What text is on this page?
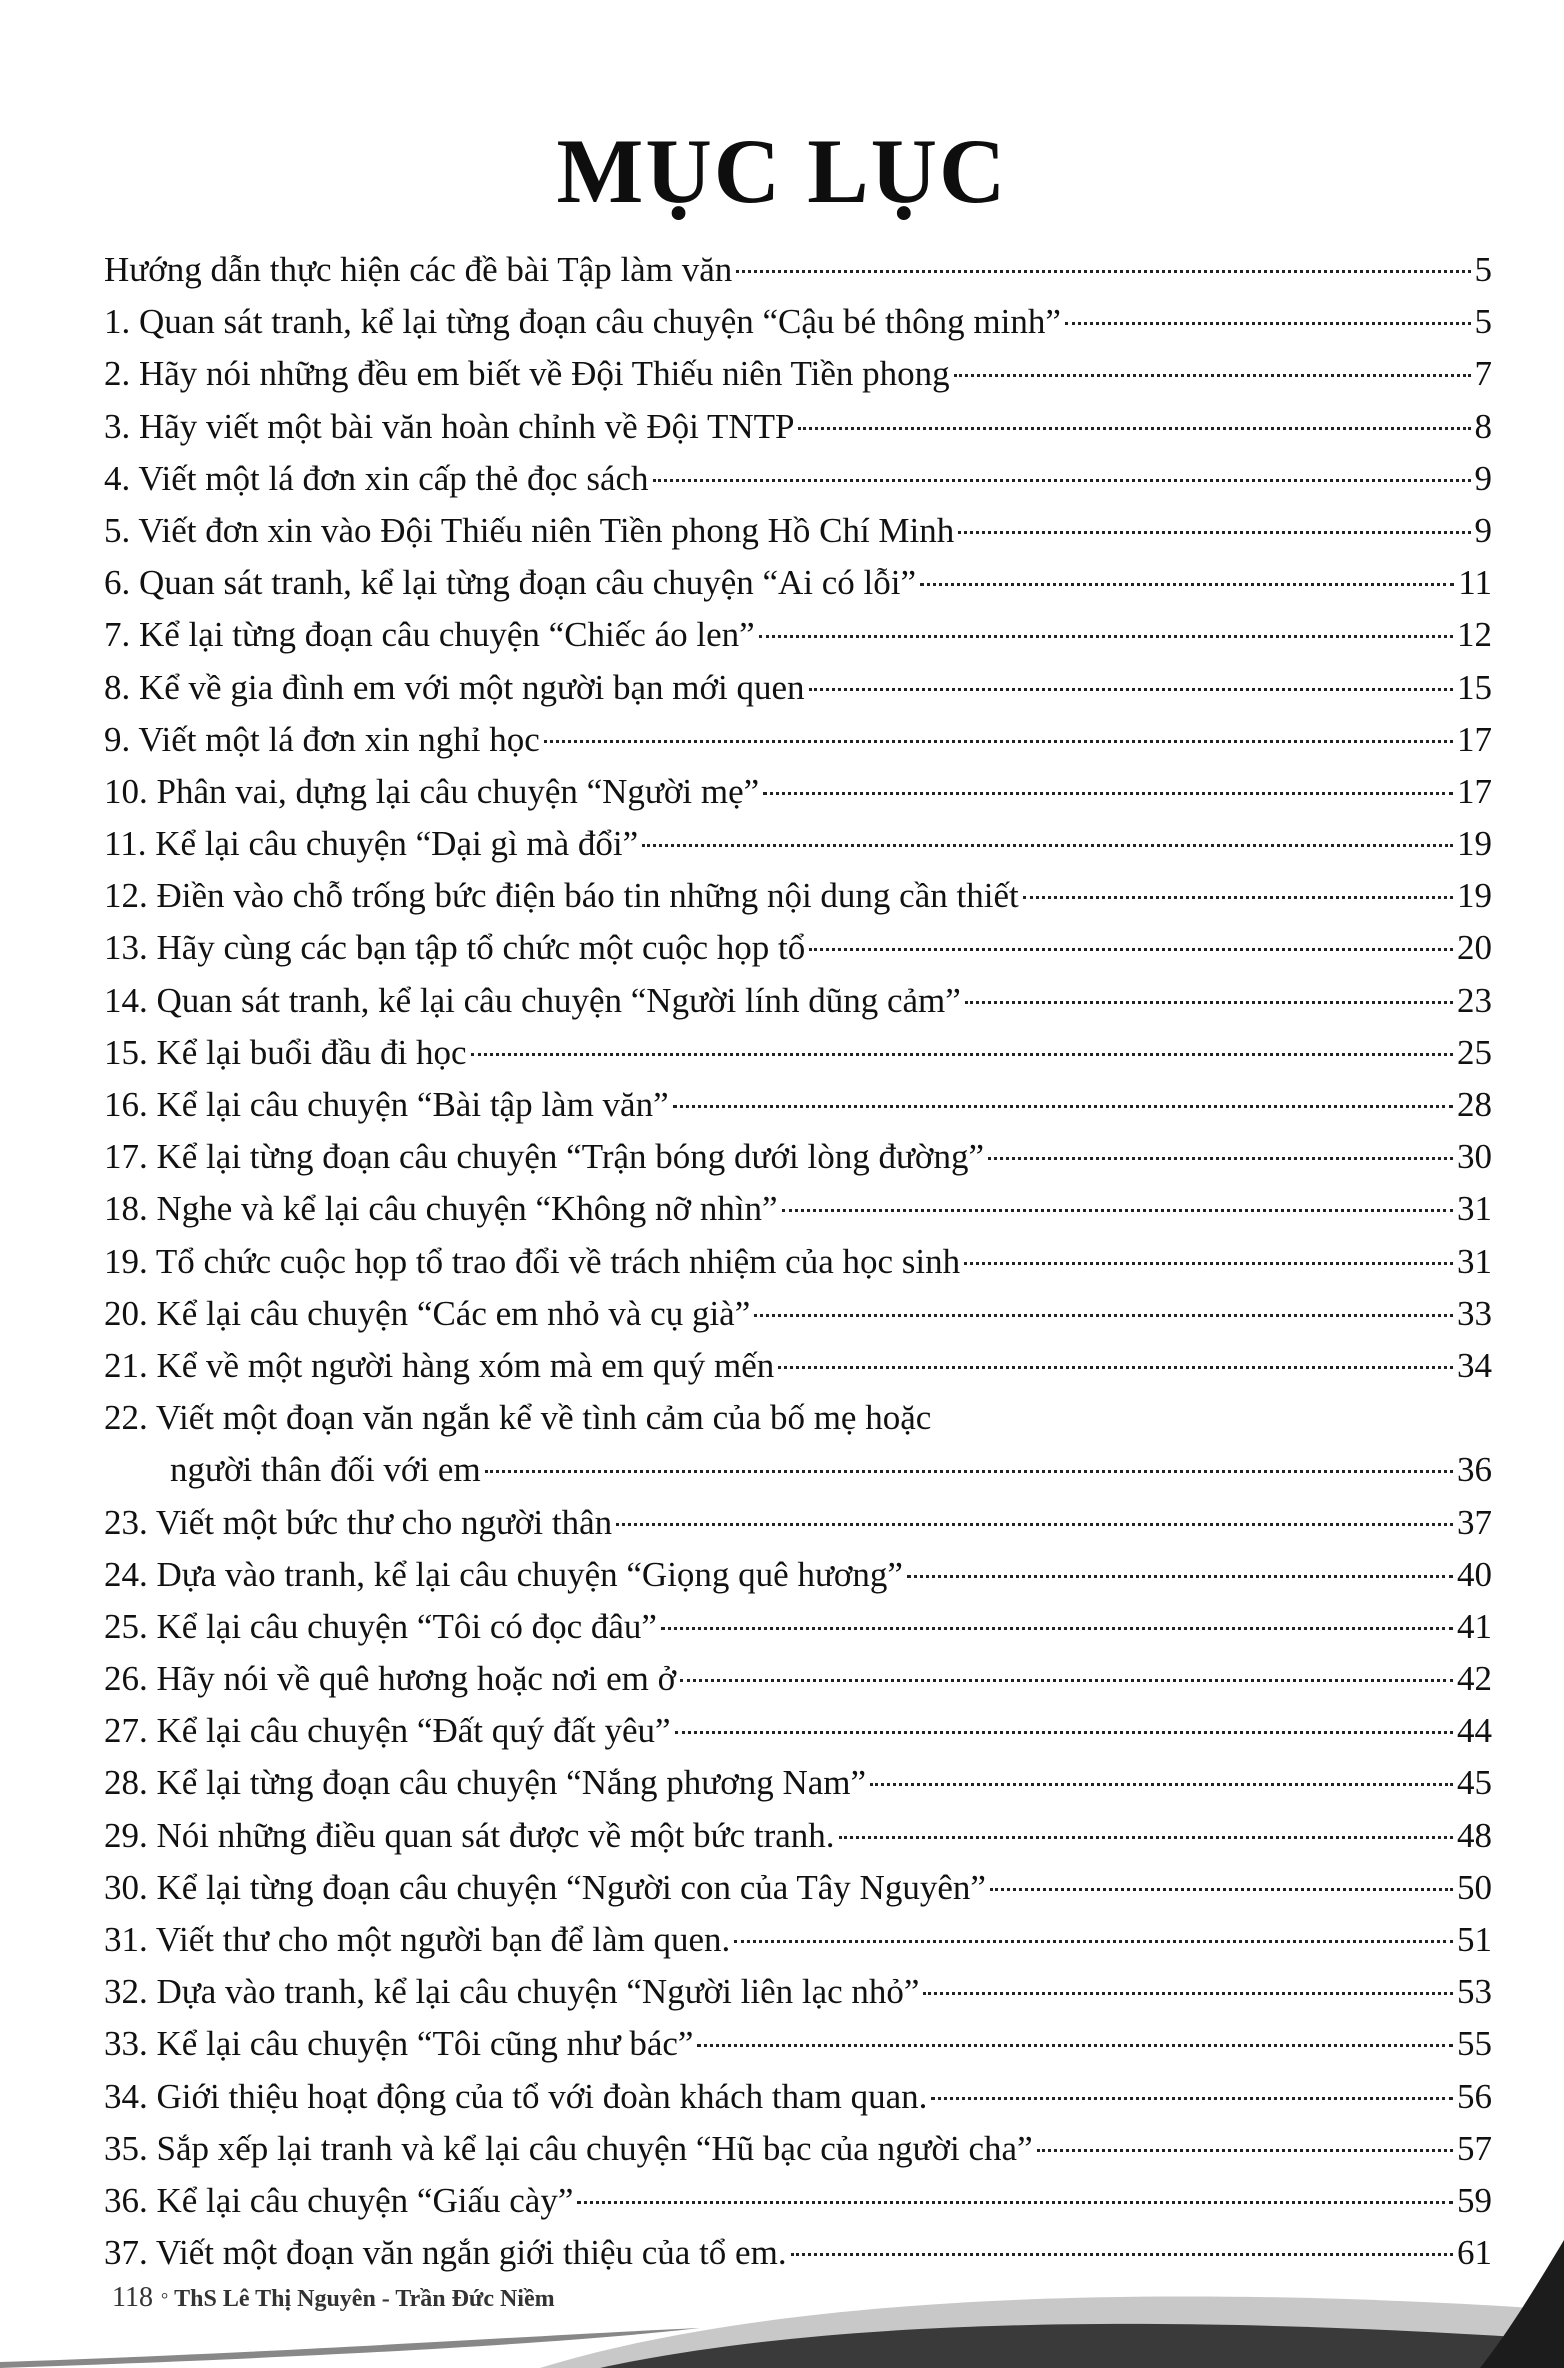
MỤC LỤC
Hướng dẫn thực hiện các đề bài Tập làm văn	5
1. Quan sát tranh, kể lại từng đoạn câu chuyện “Cậu bé thông minh”	5
2. Hãy nói những đều em biết về Đội Thiếu niên Tiền phong	7
3. Hãy viết một bài văn hoàn chỉnh về Đội TNTP	8
4. Viết một lá đơn xin cấp thẻ đọc sách	9
5. Viết đơn xin vào Đội Thiếu niên Tiền phong Hồ Chí Minh	9
6. Quan sát tranh, kể lại từng đoạn câu chuyện “Ai có lỗi”	11
7. Kể lại từng đoạn câu chuyện “Chiếc áo len”	12
8. Kể về gia đình em với một người bạn mới quen	15
9. Viết một lá đơn xin nghỉ học	17
10. Phân vai, dựng lại câu chuyện “Người mẹ”	17
11. Kể lại câu chuyện “Dại gì mà đổi”	19
12. Điền vào chỗ trống bức điện báo tin những nội dung cần thiết	19
13. Hãy cùng các bạn tập tổ chức một cuộc họp tổ	20
14. Quan sát tranh, kể lại câu chuyện “Người lính dũng cảm”	23
15. Kể lại buổi đầu đi học	25
16. Kể lại câu chuyện “Bài tập làm văn”	28
17. Kể lại từng đoạn câu chuyện “Trận bóng dưới lòng đường”	30
18. Nghe và kể lại câu chuyện “Không nỡ nhìn”	31
19. Tổ chức cuộc họp tổ trao đổi về trách nhiệm của học sinh	31
20. Kể lại câu chuyện “Các em nhỏ và cụ già”	33
21. Kể về một người hàng xóm mà em quý mến	34
22. Viết một đoạn văn ngắn kể về tình cảm của bố mẹ hoặc
người thân đối với em	36
23. Viết một bức thư cho người thân	37
24. Dựa vào tranh, kể lại câu chuyện “Giọng quê hương”	40
25. Kể lại câu chuyện “Tôi có đọc đâu”	41
26. Hãy nói về quê hương hoặc nơi em ở	42
27. Kể lại câu chuyện “Đất quý đất yêu”	44
28. Kể lại từng đoạn câu chuyện “Nắng phương Nam”	45
29. Nói những điều quan sát được về một bức tranh.	48
30. Kể lại từng đoạn câu chuyện “Người con của Tây Nguyên”	50
31. Viết thư cho một người bạn để làm quen.	51
32. Dựa vào tranh, kể lại câu chuyện “Người liên lạc nhỏ”	53
33. Kể lại câu chuyện “Tôi cũng như bác”	55
34. Giới thiệu hoạt động của tổ với đoàn khách tham quan.	56
35. Sắp xếp lại tranh và kể lại câu chuyện “Hũ bạc của người cha”	57
36. Kể lại câu chuyện “Giấu cày”	59
37. Viết một đoạn văn ngắn giới thiệu của tổ em.	61
118 ° ThS Lê Thị Nguyên - Trần Đức Niềm
